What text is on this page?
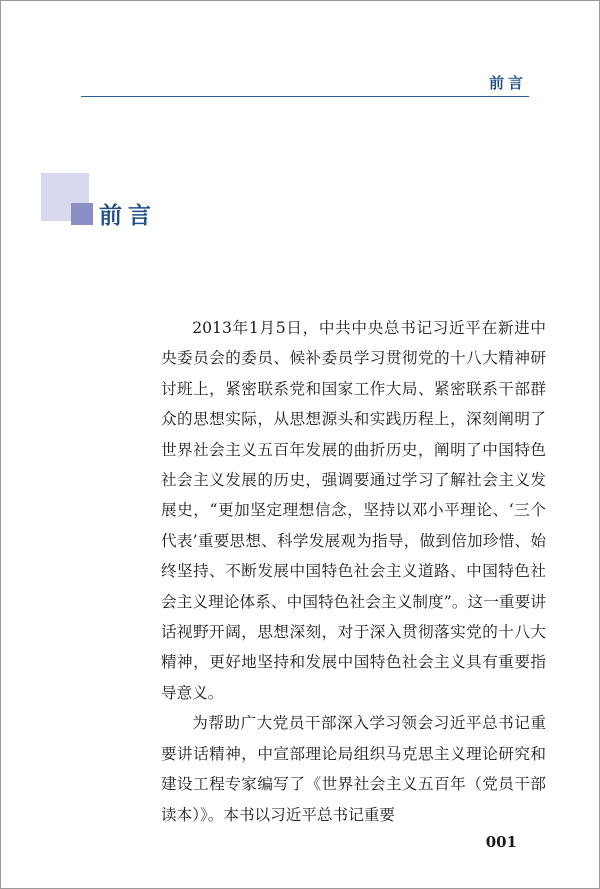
前言
前言

2013年1月5日，中共中央总书记习近平在新进中央委员会的委员、候补委员学习贯彻党的十八大精神研讨班上，紧密联系党和国家工作大局、紧密联系干部群众的思想实际，从思想源头和实践历程上，深刻阐明了世界社会主义五百年发展的曲折历史，阐明了中国特色社会主义发展的历史，强调要通过学习了解社会主义发展史，“更加坚定理想信念，坚持以邓小平理论、‘三个代表’重要思想、科学发展观为指导，做到倍加珍惜、始终坚持、不断发展中国特色社会主义道路、中国特色社会主义理论体系、中国特色社会主义制度”。这一重要讲话视野开阔，思想深刻，对于深入贯彻落实党的十八大精神，更好地坚持和发展中国特色社会主义具有重要指导意义。

为帮助广大党员干部深入学习领会习近平总书记重要讲话精神，中宣部理论局组织马克思主义理论研究和建设工程专家编写了《世界社会主义五百年（党员干部读本）》。本书以习近平总书记重要

001
